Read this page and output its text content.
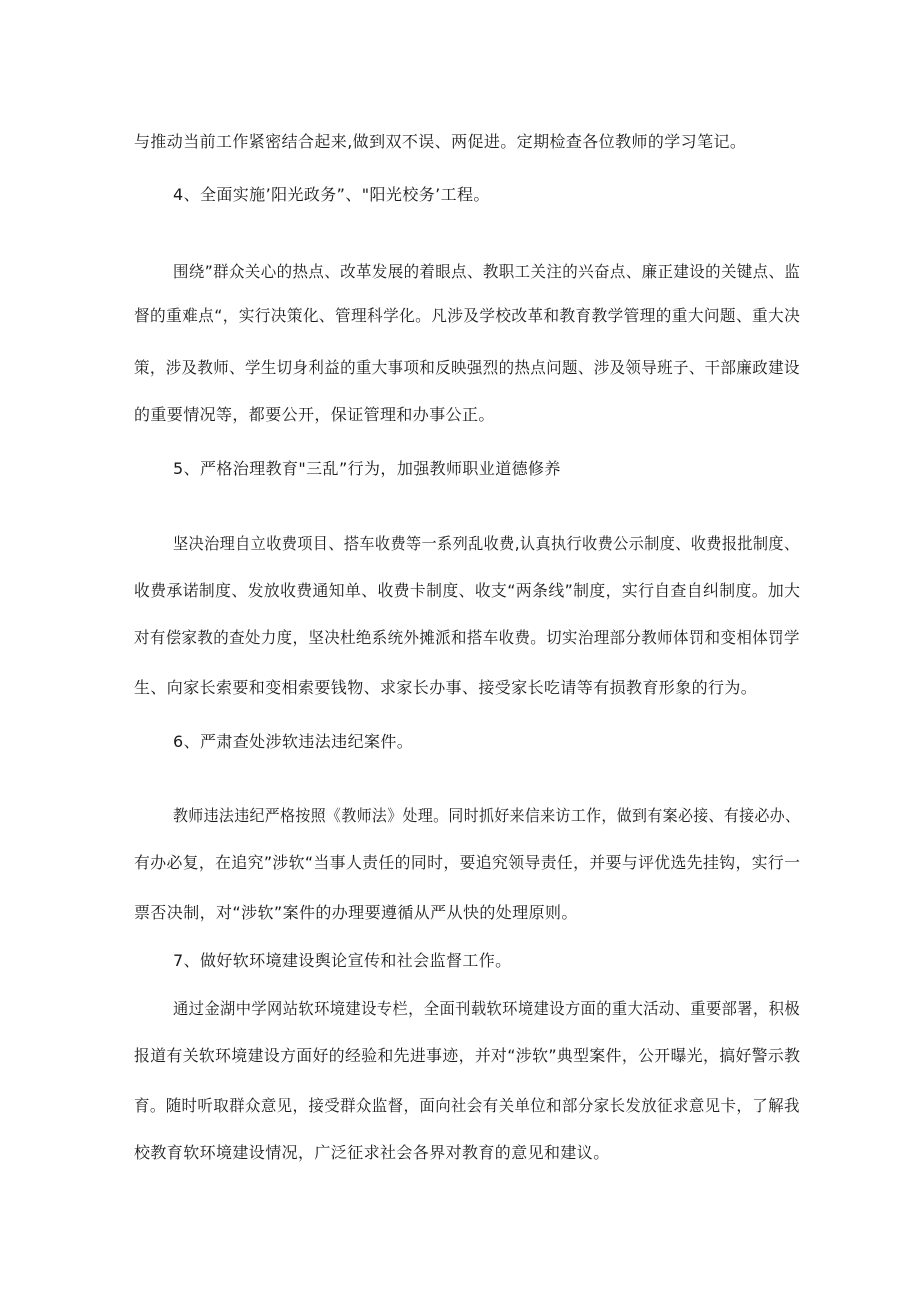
与推动当前工作紧密结合起来,做到双不误、两促进。定期检查各位教师的学习笔记。
4、全面实施’阳光政务”、"阳光校务’工程。
围绕”群众关心的热点、改革发展的着眼点、教职工关注的兴奋点、廉正建设的关键点、监
督的重难点“，实行决策化、管理科学化。凡涉及学校改革和教育教学管理的重大问题、重大决
策，涉及教师、学生切身利益的重大事项和反映强烈的热点问题、涉及领导班子、干部廉政建设
的重要情况等，都要公开，保证管理和办事公正。
5、严格治理教育"三乱”行为，加强教师职业道德修养
坚决治理自立收费项目、搭车收费等一系列乱收费,认真执行收费公示制度、收费报批制度、
收费承诺制度、发放收费通知单、收费卡制度、收支“两条线”制度，实行自查自纠制度。加大
对有偿家教的查处力度，坚决杜绝系统外摊派和搭车收费。切实治理部分教师体罚和变相体罚学
生、向家长索要和变相索要钱物、求家长办事、接受家长吃请等有损教育形象的行为。
6、严肃查处涉软违法违纪案件。
教师违法违纪严格按照《教师法》处理。同时抓好来信来访工作，做到有案必接、有接必办、
有办必复，在追究”涉软“当事人责任的同时，要追究领导责任，并要与评优选先挂钩，实行一
票否决制，对“涉软”案件的办理要遵循从严从快的处理原则。
7、做好软环境建设舆论宣传和社会监督工作。
通过金湖中学网站软环境建设专栏，全面刊载软环境建设方面的重大活动、重要部署，积极
报道有关软环境建设方面好的经验和先进事迹，并对“涉软”典型案件，公开曝光，搞好警示教
育。随时听取群众意见，接受群众监督，面向社会有关单位和部分家长发放征求意见卡，了解我
校教育软环境建设情况，广泛征求社会各界对教育的意见和建议。
